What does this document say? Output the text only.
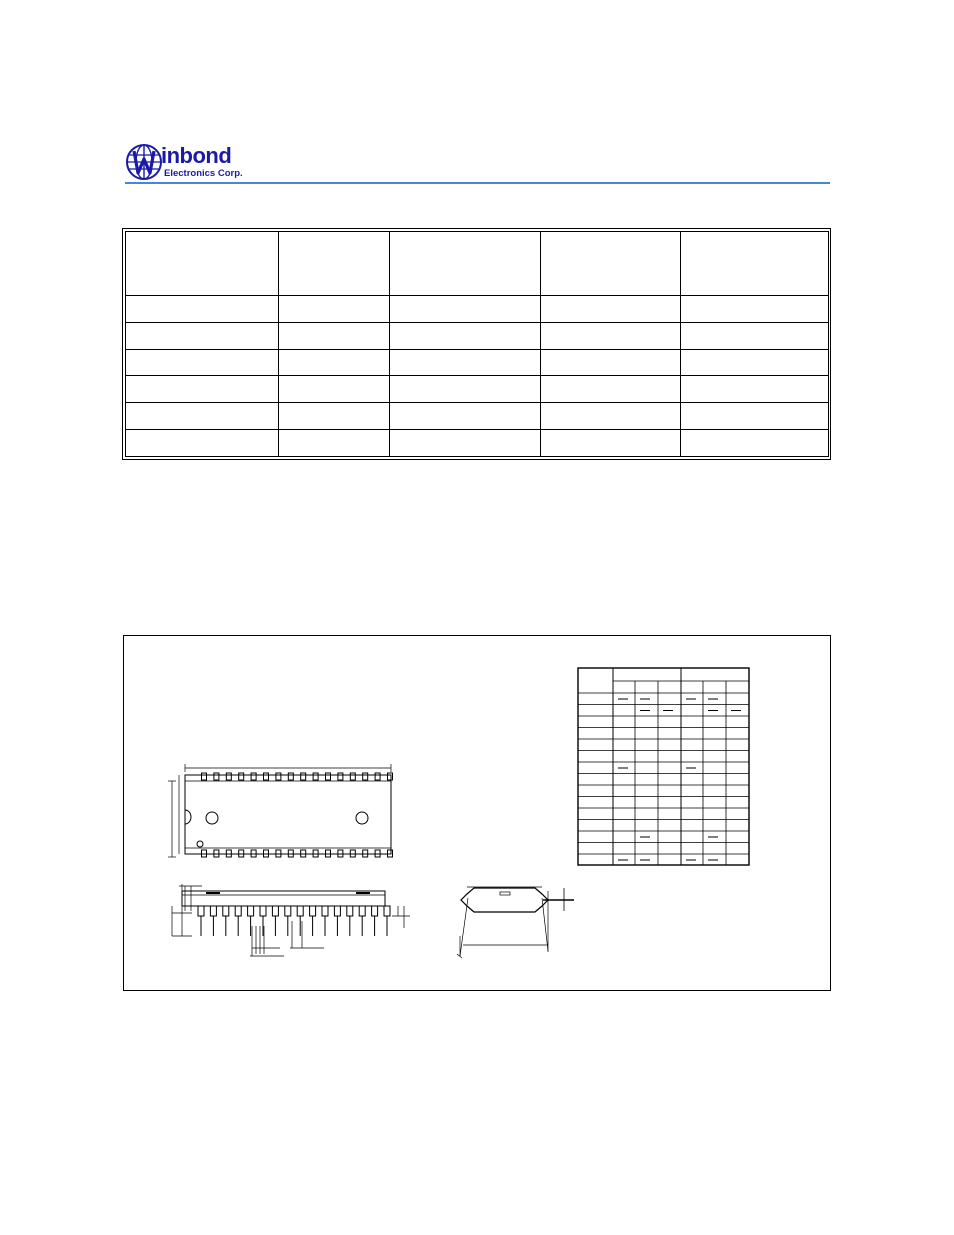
inbond
Electronics Corp.
